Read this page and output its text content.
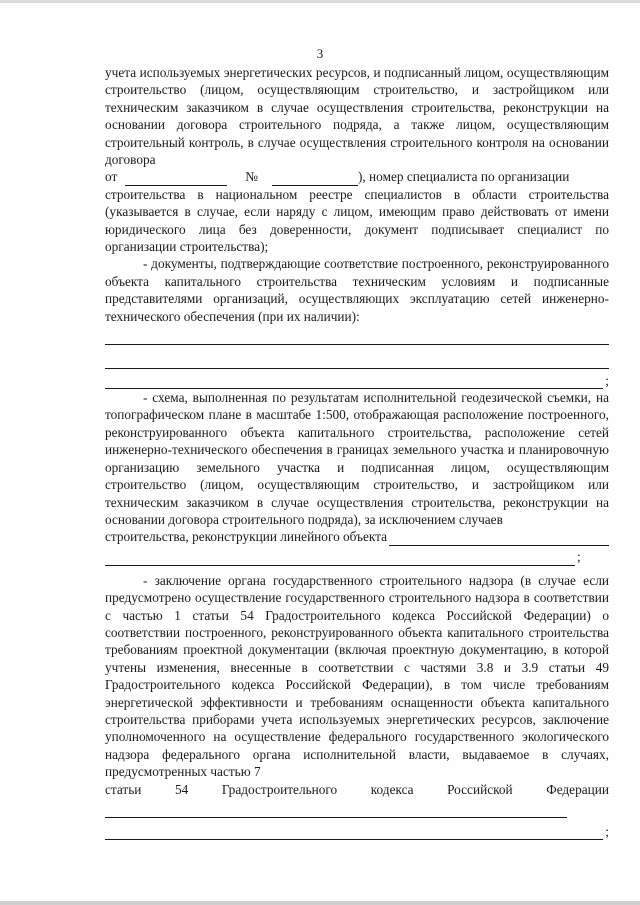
3

учета используемых энергетических ресурсов, и подписанный лицом, осуществляющим строительство (лицом, осуществляющим строительство, и застройщиком или техническим заказчиком в случае осуществления строительства, реконструкции на основании договора строительного подряда, а также лицом, осуществляющим строительный контроль, в случае осуществления строительного контроля на основании договора

от	№	), номер специалиста по организации

строительства в национальном реестре специалистов в области строительства (указывается в случае, если наряду с лицом, имеющим право действовать от имени юридического лица без доверенности, документ подписывает специалист по организации строительства);

- документы, подтверждающие соответствие построенного, реконструированного объекта капитального строительства техническим условиям и подписанные представителями организаций, осуществляющих эксплуатацию сетей инженерно-технического обеспечения (при их наличии):

;

- схема, выполненная по результатам исполнительной геодезической съемки, на топографическом плане в масштабе 1:500, отображающая расположение построенного, реконструированного объекта капитального строительства, расположение сетей инженерно-технического обеспечения в границах земельного участка и планировочную организацию земельного участка и подписанная лицом, осуществляющим строительство (лицом, осуществляющим строительство, и застройщиком или техническим заказчиком в случае осуществления строительства, реконструкции на основании договора строительного подряда), за исключением случаев

строительства, реконструкции линейного объекта
;

- заключение органа государственного строительного надзора (в случае если предусмотрено осуществление государственного строительного надзора в соответствии с частью 1 статьи 54 Градостроительного кодекса Российской Федерации) о соответствии построенного, реконструированного объекта капитального строительства требованиям проектной документации (включая проектную документацию, в которой учтены изменения, внесенные в соответствии с частями 3.8 и 3.9 статьи 49 Градостроительного кодекса Российской Федерации), в том числе требованиям энергетической эффективности и требованиям оснащенности объекта капитального строительства приборами учета используемых энергетических ресурсов, заключение уполномоченного на осуществление федерального государственного экологического надзора федерального органа исполнительной власти, выдаваемое в случаях, предусмотренных частью 7

статьи 54 Градостроительного кодекса Российской Федерации

;
